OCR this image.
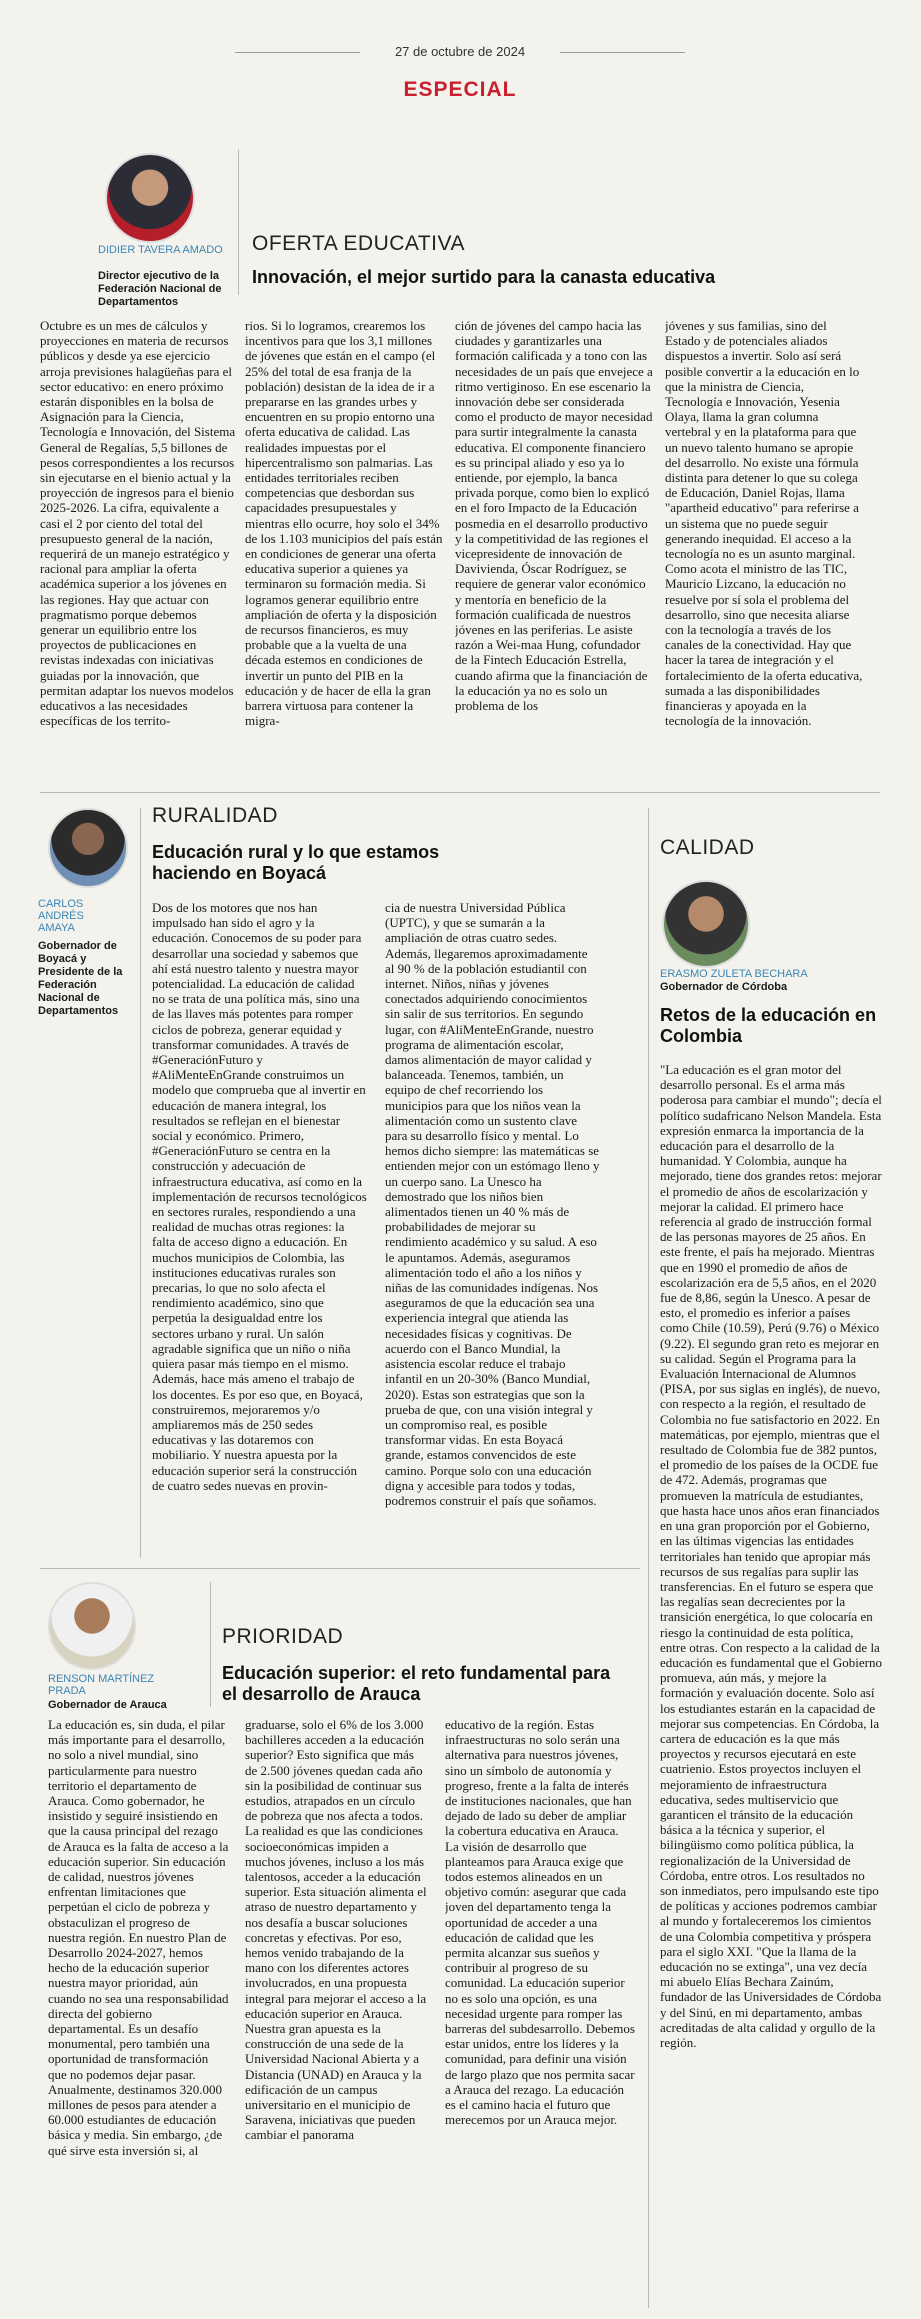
27 de octubre de 2024
ESPECIAL
DIDIER TAVERA AMADO
Director ejecutivo de la Federación Nacional de Departamentos
OFERTA EDUCATIVA
Innovación, el mejor surtido para la canasta educativa
Octubre es un mes de cálculos y proyecciones en materia de recursos públicos y desde ya ese ejercicio arroja previsiones halagüeñas para el sector educativo: en enero próximo estarán disponibles en la bolsa de Asignación para la Ciencia, Tecnología e Innovación, del Sistema General de Regalías, 5,5 billones de pesos correspondientes a los recursos sin ejecutarse en el bienio actual y la proyección de ingresos para el bienio 2025-2026. La cifra, equivalente a casi el 2 por ciento del total del presupuesto general de la nación, requerirá de un manejo estratégico y racional para ampliar la oferta académica superior a los jóvenes en las regiones. Hay que actuar con pragmatismo porque debemos generar un equilibrio entre los proyectos de publicaciones en revistas indexadas con iniciativas guiadas por la innovación, que permitan adaptar los nuevos modelos educativos a las necesidades específicas de los territo-
rios. Si lo logramos, crearemos los incentivos para que los 3,1 millones de jóvenes que están en el campo (el 25% del total de esa franja de la población) desistan de la idea de ir a prepararse en las grandes urbes y encuentren en su propio entorno una oferta educativa de calidad. Las realidades impuestas por el hipercentralismo son palmarias. Las entidades territoriales reciben competencias que desbordan sus capacidades presupuestales y mientras ello ocurre, hoy solo el 34% de los 1.103 municipios del país están en condiciones de generar una oferta educativa superior a quienes ya terminaron su formación media. Si logramos generar equilibrio entre ampliación de oferta y la disposición de recursos financieros, es muy probable que a la vuelta de una década estemos en condiciones de invertir un punto del PIB en la educación y de hacer de ella la gran barrera virtuosa para contener la migra-
ción de jóvenes del campo hacia las ciudades y garantizarles una formación calificada y a tono con las necesidades de un país que envejece a ritmo vertiginoso. En ese escenario la innovación debe ser considerada como el producto de mayor necesidad para surtir integralmente la canasta educativa. El componente financiero es su principal aliado y eso ya lo entiende, por ejemplo, la banca privada porque, como bien lo explicó en el foro Impacto de la Educación posmedia en el desarrollo productivo y la competitividad de las regiones el vicepresidente de innovación de Davivienda, Óscar Rodríguez, se requiere de generar valor económico y mentoría en beneficio de la formación cualificada de nuestros jóvenes en las periferias. Le asiste razón a Wei-maa Hung, cofundador de la Fintech Educación Estrella, cuando afirma que la financiación de la educación ya no es solo un problema de los
jóvenes y sus familias, sino del Estado y de potenciales aliados dispuestos a invertir. Solo así será posible convertir a la educación en lo que la ministra de Ciencia, Tecnología e Innovación, Yesenia Olaya, llama la gran columna vertebral y en la plataforma para que un nuevo talento humano se apropie del desarrollo. No existe una fórmula distinta para detener lo que su colega de Educación, Daniel Rojas, llama "apartheid educativo" para referirse a un sistema que no puede seguir generando inequidad. El acceso a la tecnología no es un asunto marginal. Como acota el ministro de las TIC, Mauricio Lizcano, la educación no resuelve por sí sola el problema del desarrollo, sino que necesita aliarse con la tecnología a través de los canales de la conectividad. Hay que hacer la tarea de integración y el fortalecimiento de la oferta educativa, sumada a las disponibilidades financieras y apoyada en la tecnología de la innovación.
CARLOS ANDRÉS AMAYA
Gobernador de Boyacá y Presidente de la Federación Nacional de Departamentos
RURALIDAD
Educación rural y lo que estamos haciendo en Boyacá
Dos de los motores que nos han impulsado han sido el agro y la educación. Conocemos de su poder para desarrollar una sociedad y sabemos que ahí está nuestro talento y nuestra mayor potencialidad. La educación de calidad no se trata de una política más, sino una de las llaves más potentes para romper ciclos de pobreza, generar equidad y transformar comunidades. A través de #GeneraciónFuturo y #AliMenteEnGrande construimos un modelo que comprueba que al invertir en educación de manera integral, los resultados se reflejan en el bienestar social y económico. Primero, #GeneraciónFuturo se centra en la construcción y adecuación de infraestructura educativa, así como en la implementación de recursos tecnológicos en sectores rurales, respondiendo a una realidad de muchas otras regiones: la falta de acceso digno a educación. En muchos municipios de Colombia, las instituciones educativas rurales son precarias, lo que no solo afecta el rendimiento académico, sino que perpetúa la desigualdad entre los sectores urbano y rural. Un salón agradable significa que un niño o niña quiera pasar más tiempo en el mismo. Además, hace más ameno el trabajo de los docentes. Es por eso que, en Boyacá, construiremos, mejoraremos y/o ampliaremos más de 250 sedes educativas y las dotaremos con mobiliario. Y nuestra apuesta por la educación superior será la construcción de cuatro sedes nuevas en provin-
cia de nuestra Universidad Pública (UPTC), y que se sumarán a la ampliación de otras cuatro sedes. Además, llegaremos aproximadamente al 90 % de la población estudiantil con internet. Niños, niñas y jóvenes conectados adquiriendo conocimientos sin salir de sus territorios. En segundo lugar, con #AliMenteEnGrande, nuestro programa de alimentación escolar, damos alimentación de mayor calidad y balanceada. Tenemos, también, un equipo de chef recorriendo los municipios para que los niños vean la alimentación como un sustento clave para su desarrollo físico y mental. Lo hemos dicho siempre: las matemáticas se entienden mejor con un estómago lleno y un cuerpo sano. La Unesco ha demostrado que los niños bien alimentados tienen un 40 % más de probabilidades de mejorar su rendimiento académico y su salud. A eso le apuntamos. Además, aseguramos alimentación todo el año a los niños y niñas de las comunidades indígenas. Nos aseguramos de que la educación sea una experiencia integral que atienda las necesidades físicas y cognitivas. De acuerdo con el Banco Mundial, la asistencia escolar reduce el trabajo infantil en un 20-30% (Banco Mundial, 2020). Estas son estrategias que son la prueba de que, con una visión integral y un compromiso real, es posible transformar vidas. En esta Boyacá grande, estamos convencidos de este camino. Porque solo con una educación digna y accesible para todos y todas, podremos construir el país que soñamos.
CALIDAD
ERASMO ZULETA BECHARA
Gobernador de Córdoba
Retos de la educación en Colombia
"La educación es el gran motor del desarrollo personal. Es el arma más poderosa para cambiar el mundo"; decía el político sudafricano Nelson Mandela. Esta expresión enmarca la importancia de la educación para el desarrollo de la humanidad. Y Colombia, aunque ha mejorado, tiene dos grandes retos: mejorar el promedio de años de escolarización y mejorar la calidad. El primero hace referencia al grado de instrucción formal de las personas mayores de 25 años. En este frente, el país ha mejorado. Mientras que en 1990 el promedio de años de escolarización era de 5,5 años, en el 2020 fue de 8,86, según la Unesco. A pesar de esto, el promedio es inferior a países como Chile (10.59), Perú (9.76) o México (9.22). El segundo gran reto es mejorar en su calidad. Según el Programa para la Evaluación Internacional de Alumnos (PISA, por sus siglas en inglés), de nuevo, con respecto a la región, el resultado de Colombia no fue satisfactorio en 2022. En matemáticas, por ejemplo, mientras que el resultado de Colombia fue de 382 puntos, el promedio de los países de la OCDE fue de 472. Además, programas que promueven la matrícula de estudiantes, que hasta hace unos años eran financiados en una gran proporción por el Gobierno, en las últimas vigencias las entidades territoriales han tenido que apropiar más recursos de sus regalías para suplir las transferencias. En el futuro se espera que las regalías sean decrecientes por la transición energética, lo que colocaría en riesgo la continuidad de esta política, entre otras. Con respecto a la calidad de la educación es fundamental que el Gobierno promueva, aún más, y mejore la formación y evaluación docente. Solo así los estudiantes estarán en la capacidad de mejorar sus competencias. En Córdoba, la cartera de educación es la que más proyectos y recursos ejecutará en este cuatrienio. Estos proyectos incluyen el mejoramiento de infraestructura educativa, sedes multiservicio que garanticen el tránsito de la educación básica a la técnica y superior, el bilingüismo como política pública, la regionalización de la Universidad de Córdoba, entre otros. Los resultados no son inmediatos, pero impulsando este tipo de políticas y acciones podremos cambiar al mundo y fortaleceremos los cimientos de una Colombia competitiva y próspera para el siglo XXI. "Que la llama de la educación no se extinga", una vez decía mi abuelo Elías Bechara Zainúm, fundador de las Universidades de Córdoba y del Sinú, en mi departamento, ambas acreditadas de alta calidad y orgullo de la región.
RENSON MARTÍNEZ PRADA
Gobernador de Arauca
PRIORIDAD
Educación superior: el reto fundamental para el desarrollo de Arauca
La educación es, sin duda, el pilar más importante para el desarrollo, no solo a nivel mundial, sino particularmente para nuestro territorio el departamento de Arauca. Como gobernador, he insistido y seguiré insistiendo en que la causa principal del rezago de Arauca es la falta de acceso a la educación superior. Sin educación de calidad, nuestros jóvenes enfrentan limitaciones que perpetúan el ciclo de pobreza y obstaculizan el progreso de nuestra región. En nuestro Plan de Desarrollo 2024-2027, hemos hecho de la educación superior nuestra mayor prioridad, aún cuando no sea una responsabilidad directa del gobierno departamental. Es un desafío monumental, pero también una oportunidad de transformación que no podemos dejar pasar. Anualmente, destinamos 320.000 millones de pesos para atender a 60.000 estudiantes de educación básica y media. Sin embargo, ¿de qué sirve esta inversión si, al
graduarse, solo el 6% de los 3.000 bachilleres acceden a la educación superior? Esto significa que más de 2.500 jóvenes quedan cada año sin la posibilidad de continuar sus estudios, atrapados en un círculo de pobreza que nos afecta a todos. La realidad es que las condiciones socioeconómicas impiden a muchos jóvenes, incluso a los más talentosos, acceder a la educación superior. Esta situación alimenta el atraso de nuestro departamento y nos desafía a buscar soluciones concretas y efectivas. Por eso, hemos venido trabajando de la mano con los diferentes actores involucrados, en una propuesta integral para mejorar el acceso a la educación superior en Arauca. Nuestra gran apuesta es la construcción de una sede de la Universidad Nacional Abierta y a Distancia (UNAD) en Arauca y la edificación de un campus universitario en el municipio de Saravena, iniciativas que pueden cambiar el panorama
educativo de la región. Estas infraestructuras no solo serán una alternativa para nuestros jóvenes, sino un símbolo de autonomía y progreso, frente a la falta de interés de instituciones nacionales, que han dejado de lado su deber de ampliar la cobertura educativa en Arauca. La visión de desarrollo que planteamos para Arauca exige que todos estemos alineados en un objetivo común: asegurar que cada joven del departamento tenga la oportunidad de acceder a una educación de calidad que les permita alcanzar sus sueños y contribuir al progreso de su comunidad. La educación superior no es solo una opción, es una necesidad urgente para romper las barreras del subdesarrollo. Debemos estar unidos, entre los líderes y la comunidad, para definir una visión de largo plazo que nos permita sacar a Arauca del rezago. La educación es el camino hacia el futuro que merecemos por un Arauca mejor.
